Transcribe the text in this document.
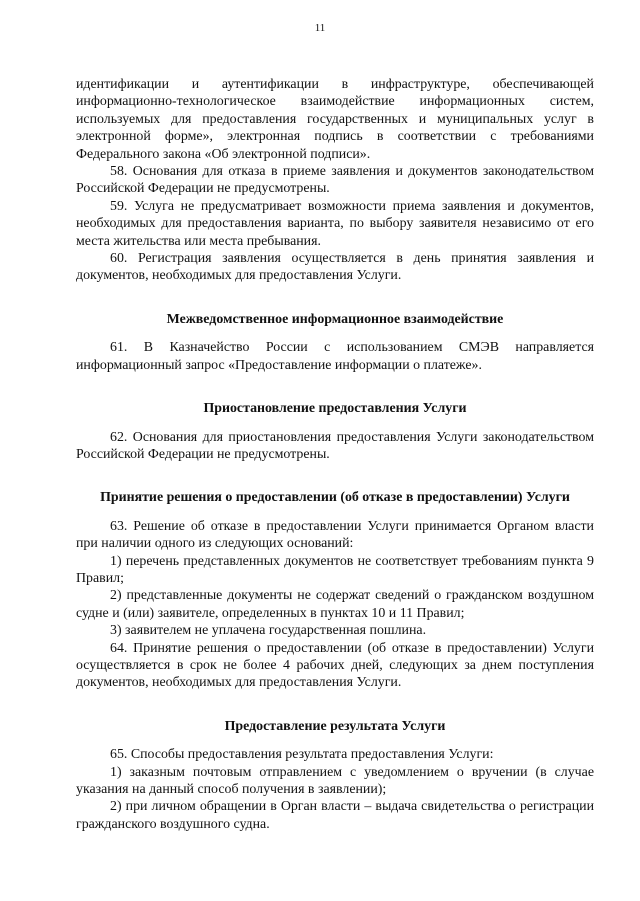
11

идентификации и аутентификации в инфраструктуре, обеспечивающей информационно-технологическое взаимодействие информационных систем, используемых для предоставления государственных и муниципальных услуг в электронной форме», электронная подпись в соответствии с требованиями Федерального закона «Об электронной подписи».

58. Основания для отказа в приеме заявления и документов законодательством Российской Федерации не предусмотрены.

59. Услуга не предусматривает возможности приема заявления и документов, необходимых для предоставления варианта, по выбору заявителя независимо от его места жительства или места пребывания.

60. Регистрация заявления осуществляется в день принятия заявления и документов, необходимых для предоставления Услуги.

Межведомственное информационное взаимодействие

61. В Казначейство России с использованием СМЭВ направляется информационный запрос «Предоставление информации о платеже».

Приостановление предоставления Услуги

62. Основания для приостановления предоставления Услуги законодательством Российской Федерации не предусмотрены.

Принятие решения о предоставлении (об отказе в предоставлении) Услуги

63. Решение об отказе в предоставлении Услуги принимается Органом власти при наличии одного из следующих оснований:

1) перечень представленных документов не соответствует требованиям пункта 9 Правил;

2) представленные документы не содержат сведений о гражданском воздушном судне и (или) заявителе, определенных в пунктах 10 и 11 Правил;

3) заявителем не уплачена государственная пошлина.

64. Принятие решения о предоставлении (об отказе в предоставлении) Услуги осуществляется в срок не более 4 рабочих дней, следующих за днем поступления документов, необходимых для предоставления Услуги.

Предоставление результата Услуги

65. Способы предоставления результата предоставления Услуги:

1) заказным почтовым отправлением с уведомлением о вручении (в случае указания на данный способ получения в заявлении);

2) при личном обращении в Орган власти – выдача свидетельства о регистрации гражданского воздушного судна.
